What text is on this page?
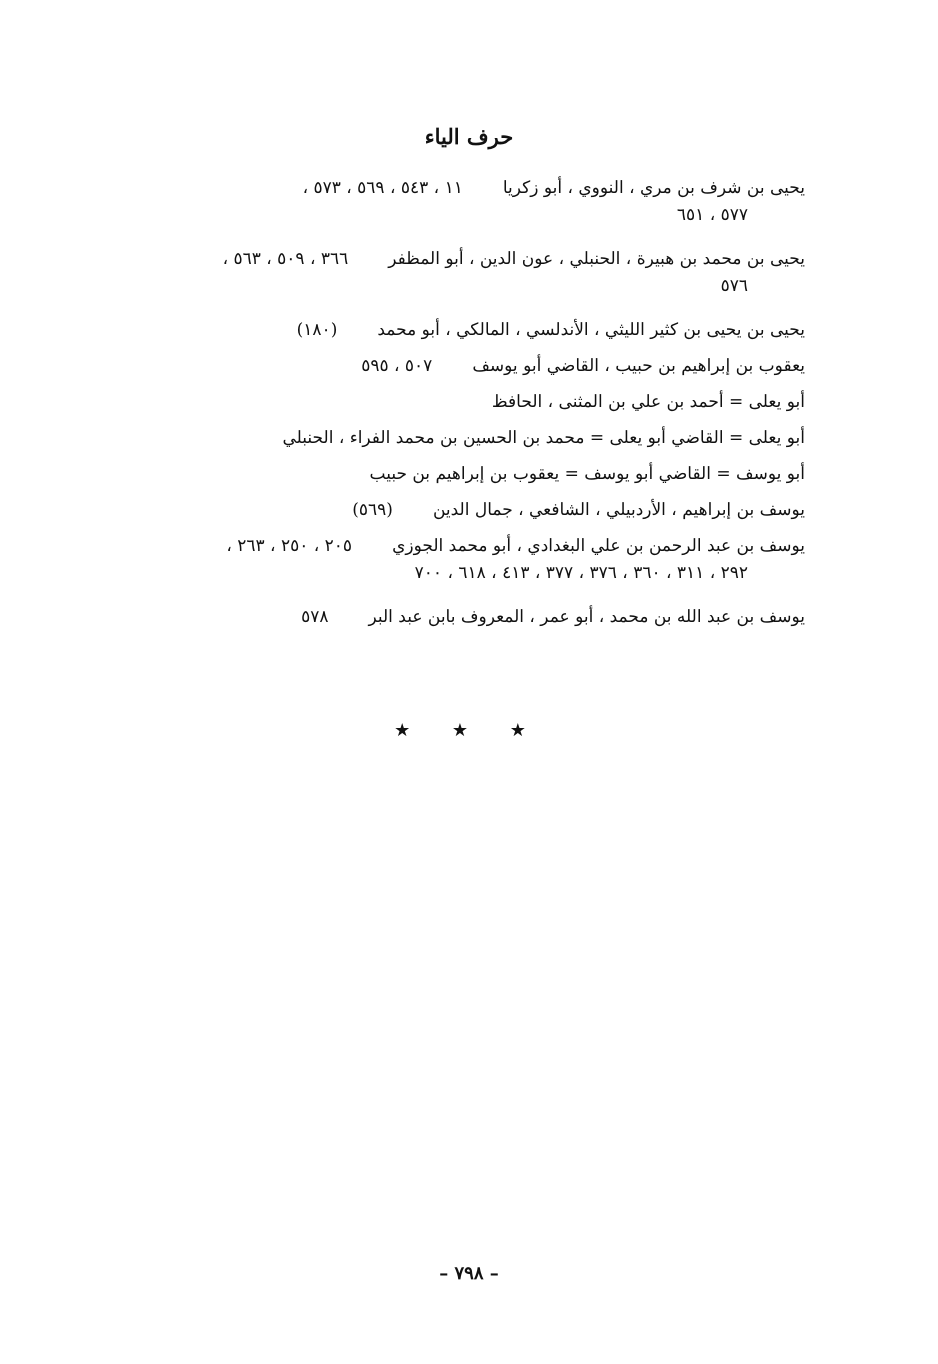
حرف الياء
يحيى بن شرف بن مري ، النووي ، أبو زكريا١١ ، ٥٤٣ ، ٥٦٩ ، ٥٧٣ ،
٥٧٧ ، ٦٥١
يحيى بن محمد بن هبيرة ، الحنبلي ، عون الدين ، أبو المظفر٣٦٦ ، ٥٠٩ ، ٥٦٣ ،
٥٧٦
يحيى بن يحيى بن كثير الليثي ، الأندلسي ، المالكي ، أبو محمد(١٨٠)
يعقوب بن إبراهيم بن حبيب ، القاضي أبو يوسف٥٠٧ ، ٥٩٥
أبو يعلى = أحمد بن علي بن المثنى ، الحافظ
أبو يعلى = القاضي أبو يعلى = محمد بن الحسين بن محمد الفراء ، الحنبلي
أبو يوسف = القاضي أبو يوسف = يعقوب بن إبراهيم بن حبيب
يوسف بن إبراهيم ، الأردبيلي ، الشافعي ، جمال الدين(٥٦٩)
يوسف بن عبد الرحمن بن علي البغدادي ، أبو محمد الجوزي٢٠٥ ، ٢٥٠ ، ٢٦٣ ،
٢٩٢ ، ٣١١ ، ٣٦٠ ، ٣٧٦ ، ٣٧٧ ، ٤١٣ ، ٦١٨ ، ٧٠٠
يوسف بن عبد الله بن محمد ، أبو عمر ، المعروف بابن عبد البر٥٧٨
★ ★ ★
– ٧٩٨ –
